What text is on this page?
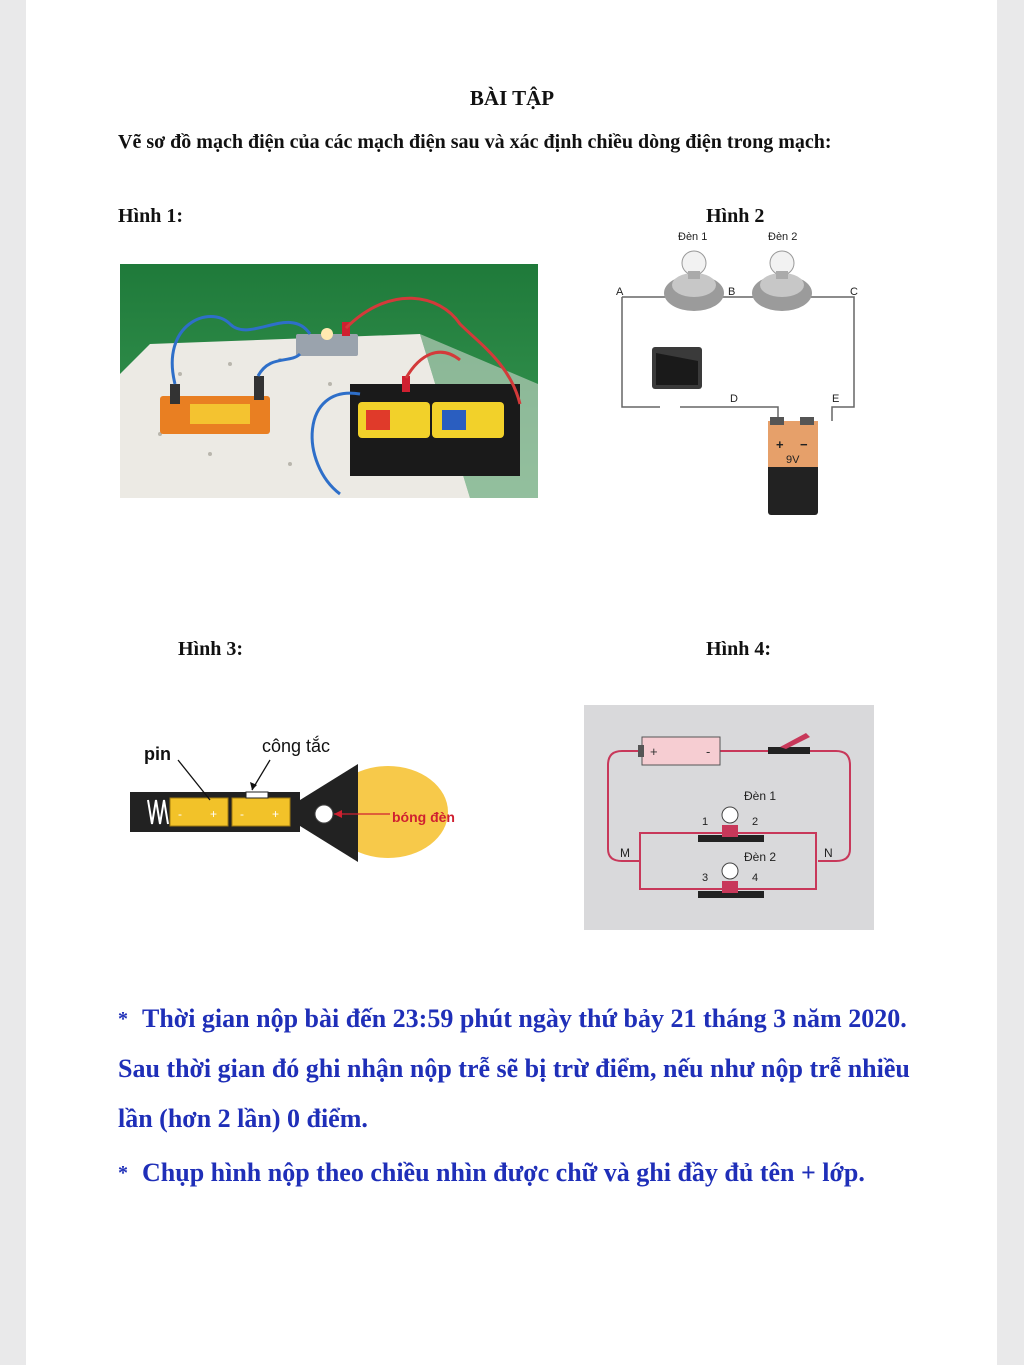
BÀI TẬP
Vẽ sơ đồ mạch điện của các mạch điện sau và xác định chiều dòng điện trong mạch:
Hình 1:	Hình 2
Hình 3:	Hình 4:
Đèn 1	Đèn 2
A	B	C
D	E
+ −
9V
pin	công tắc
bóng đèn
- + - +
+	-
Đèn 1
Đèn 2
1	2
3	4
M	N
* Thời gian nộp bài đến 23:59 phút ngày thứ bảy 21 tháng 3 năm 2020. Sau thời gian đó ghi nhận nộp trễ sẽ bị trừ điểm, nếu như nộp trễ nhiều lần (hơn 2 lần) 0 điểm.
* Chụp hình nộp theo chiều nhìn được chữ và ghi đầy đủ tên + lớp.
